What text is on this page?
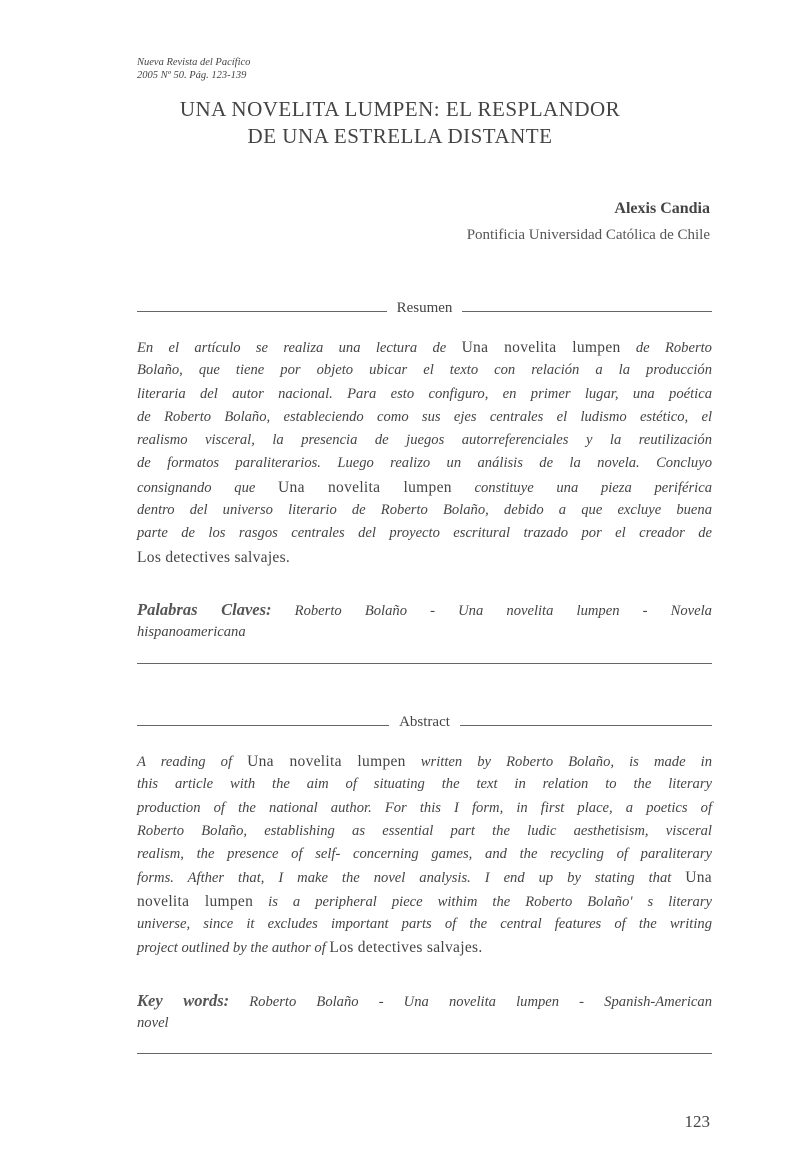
Nueva Revista del Pacífico
2005 Nº 50. Pág. 123-139
UNA NOVELITA LUMPEN: EL RESPLANDOR
DE UNA ESTRELLA DISTANTE
Alexis Candia
Pontificia Universidad Católica de Chile
Resumen
En el artículo se realiza una lectura de Una novelita lumpen de Roberto
Bolaño, que tiene por objeto ubicar el texto con relación a la producción
literaria del autor nacional. Para esto configuro, en primer lugar, una poética
de Roberto Bolaño, estableciendo como sus ejes centrales el ludismo estético, el
realismo visceral, la presencia de juegos autorreferenciales y la reutilización
de formatos paraliterarios. Luego realizo un análisis de la novela. Concluyo
consignando que Una novelita lumpen constituye una pieza periférica
dentro del universo literario de Roberto Bolaño, debido a que excluye buena
parte de los rasgos centrales del proyecto escritural trazado por el creador de
Los detectives salvajes.
Palabras Claves: Roberto Bolaño - Una novelita lumpen - Novela
hispanoamericana
Abstract
A reading of Una novelita lumpen written by Roberto Bolaño, is made in
this article with the aim of situating the text in relation to the literary
production of the national author. For this I form, in first place, a poetics of
Roberto Bolaño, establishing as essential part the ludic aesthetisism, visceral
realism, the presence of self- concerning games, and the recycling of paraliterary
forms. Afther that, I make the novel analysis. I end up by stating that Una
novelita lumpen is a peripheral piece withim the Roberto Bolaño' s literary
universe, since it excludes important parts of the central features of the writing
project outlined by the author of Los detectives salvajes.
Key words: Roberto Bolaño - Una novelita lumpen - Spanish-American
novel
123
